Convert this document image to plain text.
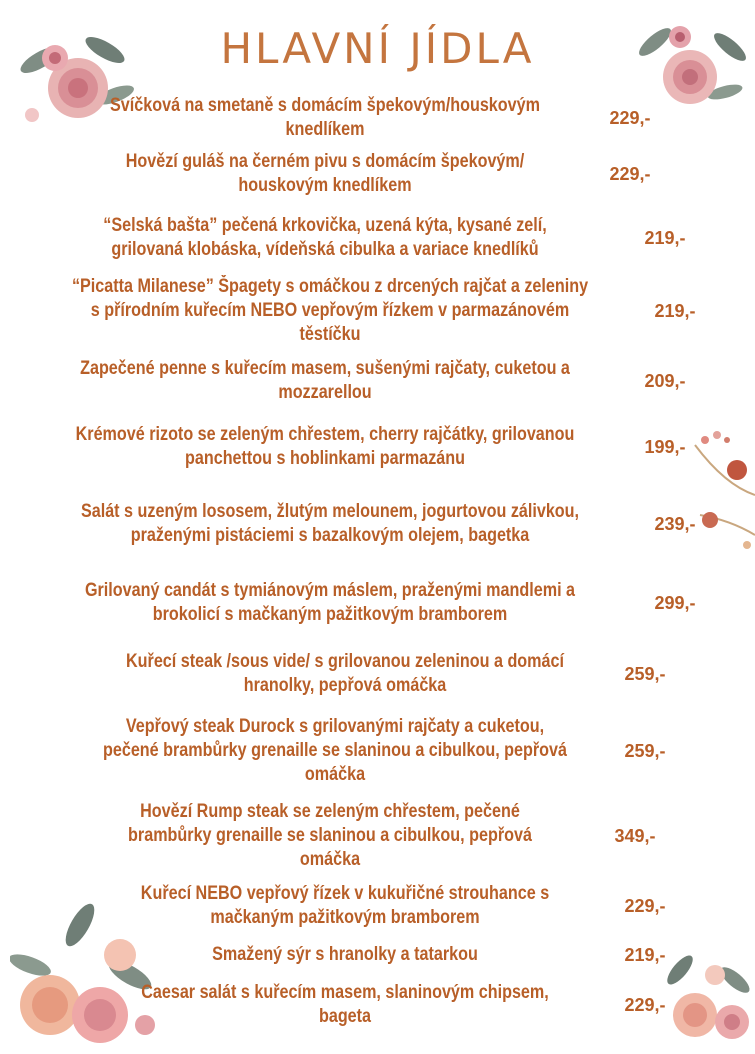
HLAVNÍ JÍDLA
Svíčková na smetaně s domácím špekovým/houskovým knedlíkem
229,-
Hovězí guláš na černém pivu s domácím špekovým/ houskovým knedlíkem
229,-
“Selská bašta” pečená krkovička, uzená kýta, kysané zelí, grilovaná klobáska, vídeňská cibulka a variace knedlíků
219,-
“Picatta Milanese” Špagety s omáčkou z drcených rajčat a zeleniny s přírodním kuřecím NEBO vepřovým řízkem v parmazánovém těstíčku
219,-
Zapečené penne s kuřecím masem, sušenými rajčaty, cuketou a mozzarellou
209,-
Krémové rizoto se zeleným chřestem, cherry rajčátky, grilovanou panchettou s hoblinkami parmazánu
199,-
Salát s uzeným lososem, žlutým melounem, jogurtovou zálivkou, praženými pistáciemi s bazalkovým olejem, bagetka
239,-
Grilovaný candát s tymiánovým máslem, praženými mandlemi a brokolicí s mačkaným pažitkovým bramborem
299,-
Kuřecí steak /sous vide/ s grilovanou zeleninou a domácí hranolky, pepřová omáčka
259,-
Vepřový steak Durock s grilovanými rajčaty a cuketou, pečené brambůrky grenaille se slaninou a cibulkou, pepřová omáčka
259,-
Hovězí Rump steak se zeleným chřestem, pečené brambůrky grenaille se slaninou a cibulkou, pepřová omáčka
349,-
Kuřecí NEBO vepřový řízek v kukuřičné strouhance s mačkaným pažitkovým bramborem
229,-
Smažený sýr s hranolky a tatarkou	219,-
Caesar salát s kuřecím masem, slaninovým chipsem, bageta
229,-
